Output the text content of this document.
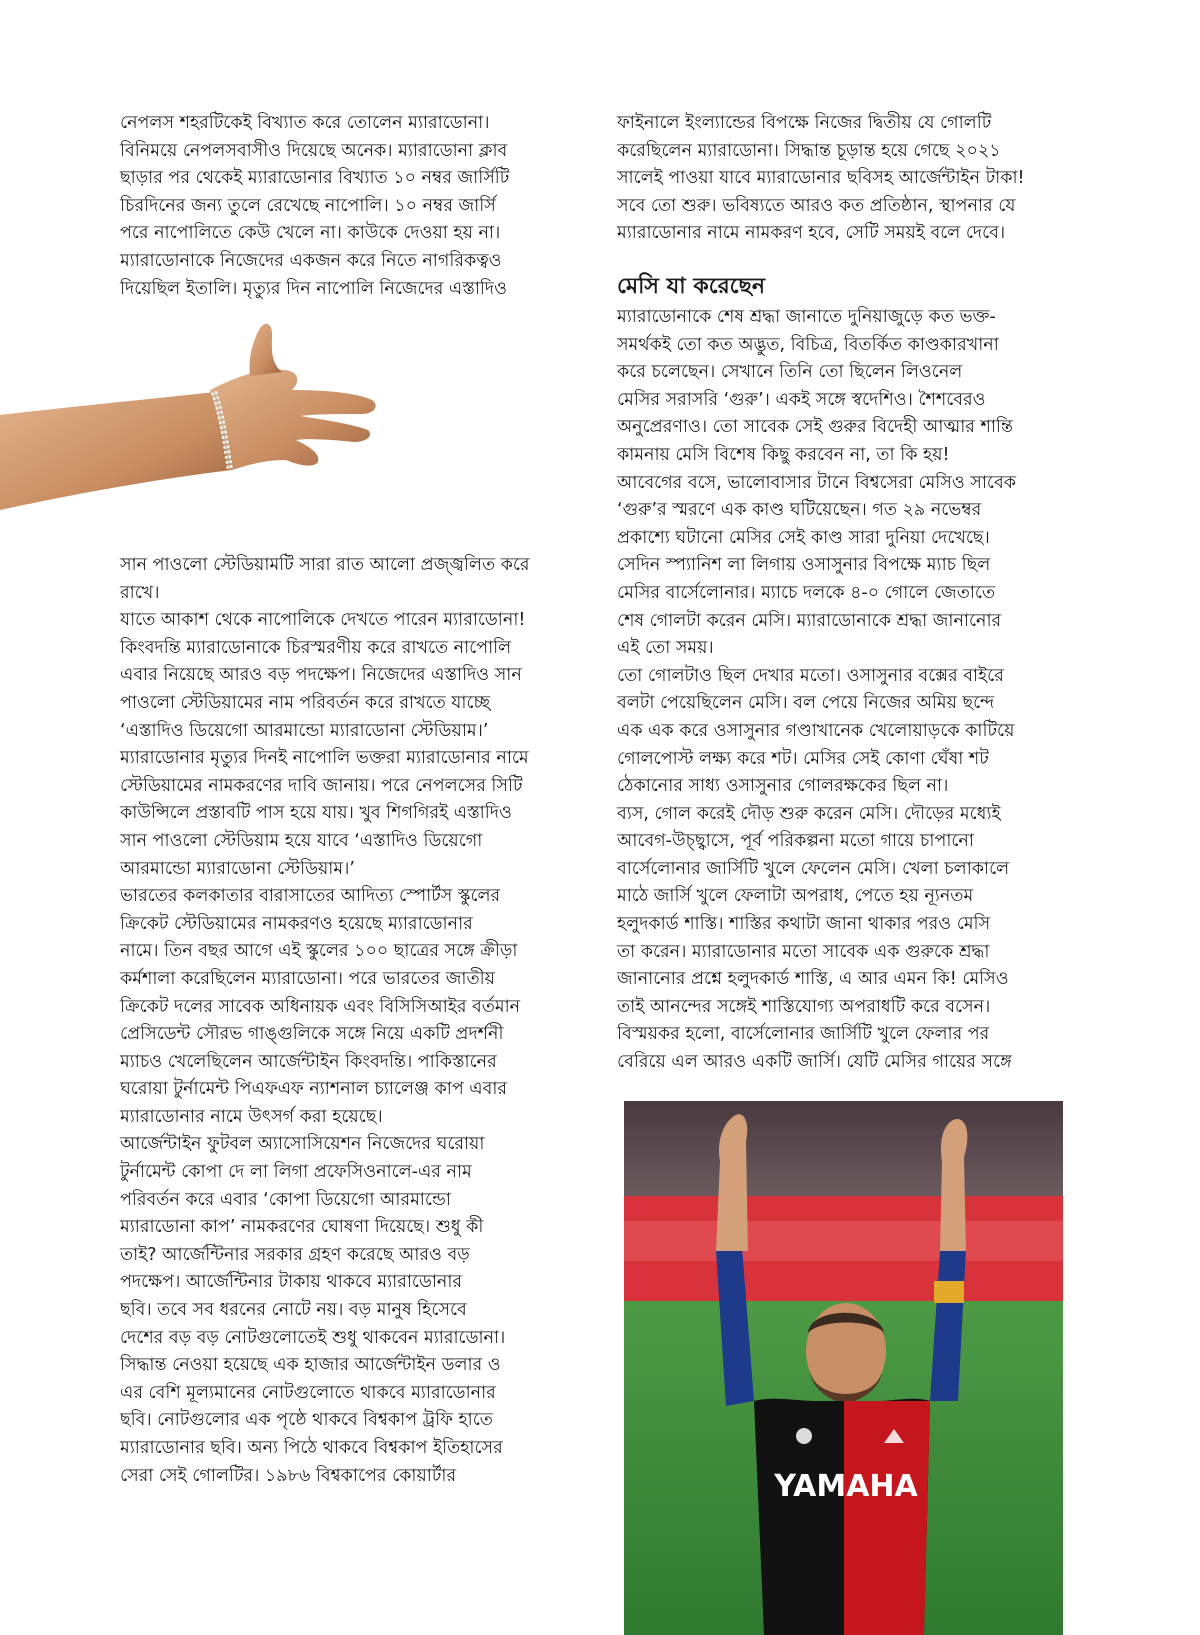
নেপলস শহরটিকেই বিখ্যাত করে তোলেন ম্যারাডোনা।
বিনিময়ে নেপলসবাসীও দিয়েছে অনেক। ম্যারাডোনা ক্লাব
ছাড়ার পর থেকেই ম্যারাডোনার বিখ্যাত ১০ নম্বর জার্সিটি
চিরদিনের জন্য তুলে রেখেছে নাপোলি। ১০ নম্বর জার্সি
পরে নাপোলিতে কেউ খেলে না। কাউকে দেওয়া হয় না।
ম্যারাডোনাকে নিজেদের একজন করে নিতে নাগরিকত্বও
দিয়েছিল ইতালি। মৃত্যুর দিন নাপোলি নিজেদের এস্তাদিও

সান পাওলো স্টেডিয়ামটি সারা রাত আলো প্রজ্জ্বলিত করে
রাখে।
যাতে আকাশ থেকে নাপোলিকে দেখতে পারেন ম্যারাডোনা!
কিংবদন্তি ম্যারাডোনাকে চিরস্মরণীয় করে রাখতে নাপোলি
এবার নিয়েছে আরও বড় পদক্ষেপ। নিজেদের এস্তাদিও সান
পাওলো স্টেডিয়ামের নাম পরিবর্তন করে রাখতে যাচ্ছে
‘এস্তাদিও ডিয়েগো আরমান্ডো ম্যারাডোনা স্টেডিয়াম।’
ম্যারাডোনার মৃত্যুর দিনই নাপোলি ভক্তরা ম্যারাডোনার নামে
স্টেডিয়ামের নামকরণের দাবি জানায়। পরে নেপলসের সিটি
কাউন্সিলে প্রস্তাবটি পাস হয়ে যায়। খুব শিগগিরই এস্তাদিও
সান পাওলো স্টেডিয়াম হয়ে যাবে ‘এস্তাদিও ডিয়েগো
আরমান্ডো ম্যারাডোনা স্টেডিয়াম।’
ভারতের কলকাতার বারাসাতের আদিত্য স্পোর্টস স্কুলের
ক্রিকেট স্টেডিয়ামের নামকরণও হয়েছে ম্যারাডোনার
নামে। তিন বছর আগে এই স্কুলের ১০০ ছাত্রের সঙ্গে ক্রীড়া
কর্মশালা করেছিলেন ম্যারাডোনা। পরে ভারতের জাতীয়
ক্রিকেট দলের সাবেক অধিনায়ক এবং বিসিসিআইর বর্তমান
প্রেসিডেন্ট সৌরভ গাঙ্গুলিকে সঙ্গে নিয়ে একটি প্রদর্শনী
ম্যাচও খেলেছিলেন আর্জেন্টাইন কিংবদন্তি। পাকিস্তানের
ঘরোয়া টুর্নামেন্ট পিএফএফ ন্যাশনাল চ্যালেঞ্জ কাপ এবার
ম্যারাডোনার নামে উৎসর্গ করা হয়েছে।
আর্জেন্টাইন ফুটবল অ্যাসোসিয়েশন নিজেদের ঘরোয়া
টুর্নামেন্ট কোপা দে লা লিগা প্রফেসিওনালে-এর নাম
পরিবর্তন করে এবার ‘কোপা ডিয়েগো আরমান্ডো
ম্যারাডোনা কাপ’ নামকরণের ঘোষণা দিয়েছে। শুধু কী
তাই? আর্জেন্টিনার সরকার গ্রহণ করেছে আরও বড়
পদক্ষেপ। আর্জেন্টিনার টাকায় থাকবে ম্যারাডোনার
ছবি। তবে সব ধরনের নোটে নয়। বড় মানুষ হিসেবে
দেশের বড় বড় নোটগুলোতেই শুধু থাকবেন ম্যারাডোনা।
সিদ্ধান্ত নেওয়া হয়েছে এক হাজার আর্জেন্টাইন ডলার ও
এর বেশি মূল্যমানের নোটগুলোতে থাকবে ম্যারাডোনার
ছবি। নোটগুলোর এক পৃষ্ঠে থাকবে বিশ্বকাপ ট্রফি হাতে
ম্যারাডোনার ছবি। অন্য পিঠে থাকবে বিশ্বকাপ ইতিহাসের
সেরা সেই গোলটির। ১৯৮৬ বিশ্বকাপের কোয়ার্টার

ফাইনালে ইংল্যান্ডের বিপক্ষে নিজের দ্বিতীয় যে গোলটি
করেছিলেন ম্যারাডোনা। সিদ্ধান্ত চূড়ান্ত হয়ে গেছে ২০২১
সালেই পাওয়া যাবে ম্যারাডোনার ছবিসহ আর্জেন্টাইন টাকা!
সবে তো শুরু। ভবিষ্যতে আরও কত প্রতিষ্ঠান, স্থাপনার যে
ম্যারাডোনার নামে নামকরণ হবে, সেটি সময়ই বলে দেবে।

মেসি যা করেছেন

ম্যারাডোনাকে শেষ শ্রদ্ধা জানাতে দুনিয়াজুড়ে কত ভক্ত-
সমর্থকই তো কত অদ্ভুত, বিচিত্র, বিতর্কিত কাণ্ডকারখানা
করে চলেছেন। সেখানে তিনি তো ছিলেন লিওনেল
মেসির সরাসরি ‘গুরু’। একই সঙ্গে স্বদেশিও। শৈশবেরও
অনুপ্রেরণাও। তো সাবেক সেই গুরুর বিদেহী আত্মার শান্তি
কামনায় মেসি বিশেষ কিছু করবেন না, তা কি হয়!
আবেগের বসে, ভালোবাসার টানে বিশ্বসেরা মেসিও সাবেক
‘গুরু’র স্মরণে এক কাণ্ড ঘটিয়েছেন। গত ২৯ নভেম্বর
প্রকাশ্যে ঘটানো মেসির সেই কাণ্ড সারা দুনিয়া দেখেছে।
সেদিন স্প্যানিশ লা লিগায় ওসাসুনার বিপক্ষে ম্যাচ ছিল
মেসির বার্সেলোনার। ম্যাচে দলকে ৪-০ গোলে জেতাতে
শেষ গোলটা করেন মেসি। ম্যারাডোনাকে শ্রদ্ধা জানানোর
এই তো সময়।
তো গোলটাও ছিল দেখার মতো। ওসাসুনার বক্সের বাইরে
বলটা পেয়েছিলেন মেসি। বল পেয়ে নিজের অমিয় ছন্দে
এক এক করে ওসাসুনার গণ্ডাখানেক খেলোয়াড়কে কাটিয়ে
গোলপোস্ট লক্ষ্য করে শট। মেসির সেই কোণা ঘেঁষা শট
ঠেকানোর সাধ্য ওসাসুনার গোলরক্ষকের ছিল না।
ব্যস, গোল করেই দৌড় শুরু করেন মেসি। দৌড়ের মধ্যেই
আবেগ-উচ্ছ্বাসে, পূর্ব পরিকল্পনা মতো গায়ে চাপানো
বার্সেলোনার জার্সিটি খুলে ফেলেন মেসি। খেলা চলাকালে
মাঠে জার্সি খুলে ফেলাটা অপরাধ, পেতে হয় ন্যূনতম
হলুদকার্ড শাস্তি। শাস্তির কথাটা জানা থাকার পরও মেসি
তা করেন। ম্যারাডোনার মতো সাবেক এক গুরুকে শ্রদ্ধা
জানানোর প্রশ্নে হলুদকার্ড শাস্তি, এ আর এমন কি! মেসিও
তাই আনন্দের সঙ্গেই শাস্তিযোগ্য অপরাধটি করে বসেন।
বিস্ময়কর হলো, বার্সেলোনার জার্সিটি খুলে ফেলার পর
বেরিয়ে এল আরও একটি জার্সি। যেটি মেসির গায়ের সঙ্গে

YAMAHA
